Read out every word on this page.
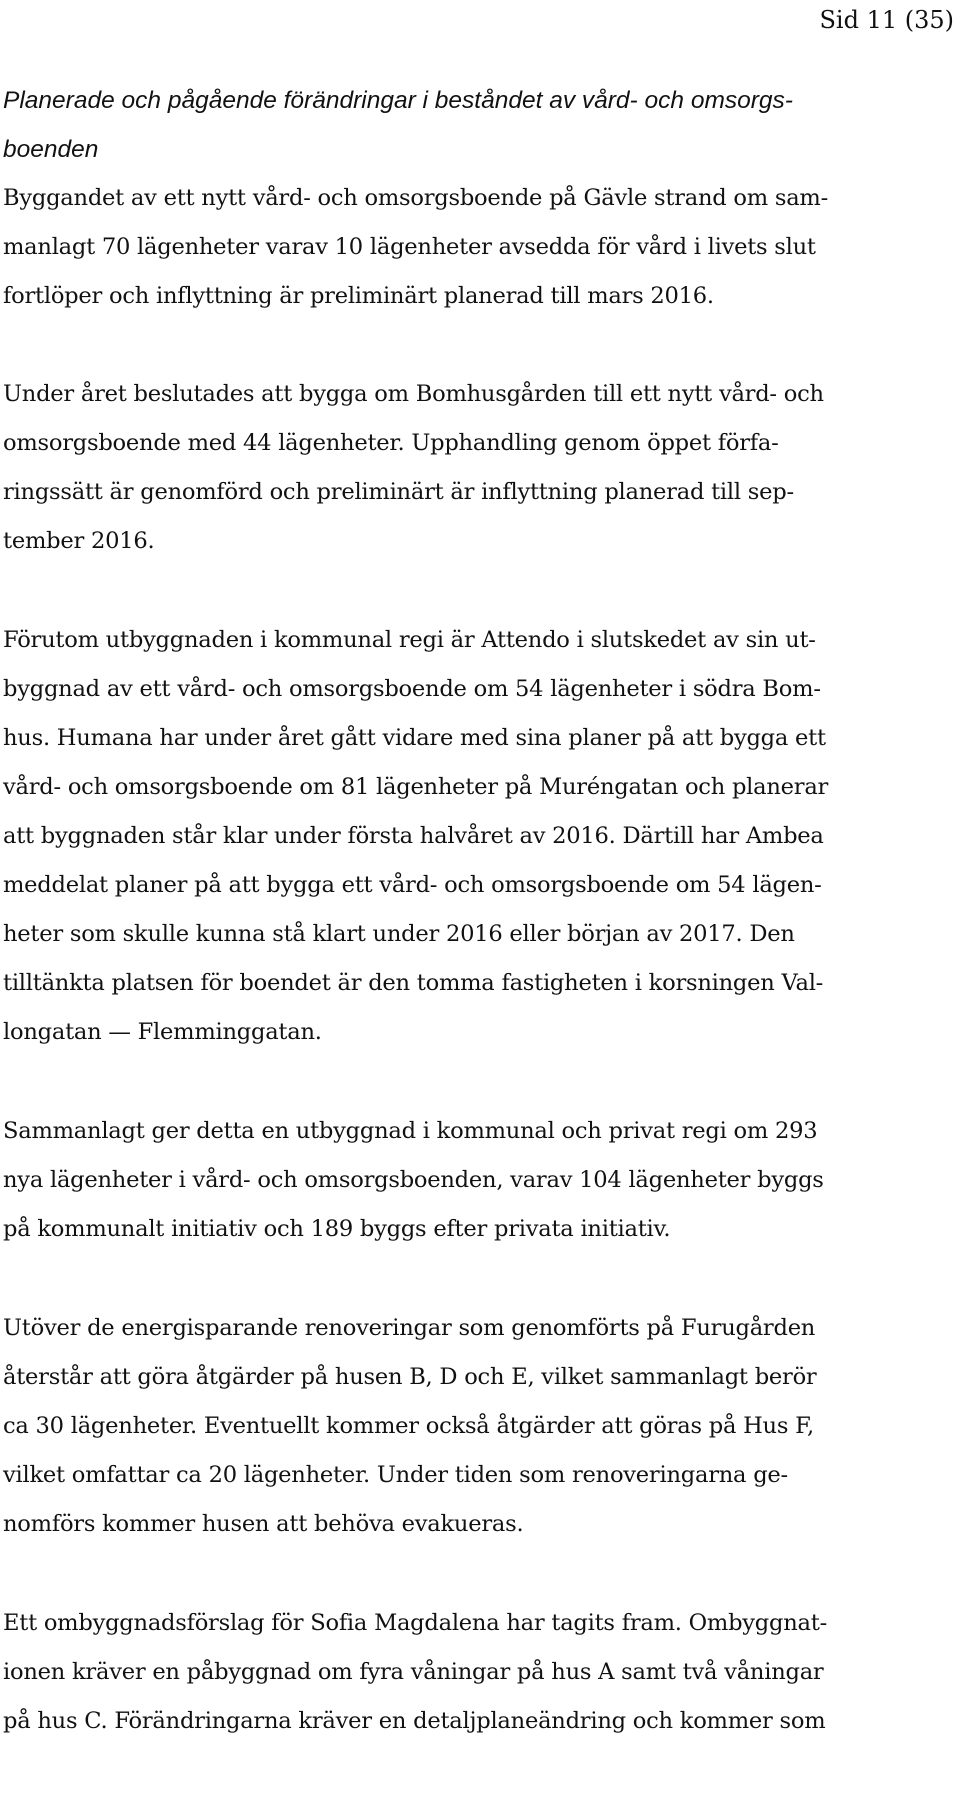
Sid 11 (35)
Planerade och pågående förändringar i beståndet av vård- och omsorgs-
boenden

Byggandet av ett nytt vård- och omsorgsboende på Gävle strand om sam-
manlagt 70 lägenheter varav 10 lägenheter avsedda för vård i livets slut
fortlöper och inflyttning är preliminärt planerad till mars 2016.

Under året beslutades att bygga om Bomhusgården till ett nytt vård- och
omsorgsboende med 44 lägenheter. Upphandling genom öppet förfa-
ringssätt är genomförd och preliminärt är inflyttning planerad till sep-
tember 2016.

Förutom utbyggnaden i kommunal regi är Attendo i slutskedet av sin ut-
byggnad av ett vård- och omsorgsboende om 54 lägenheter i södra Bom-
hus. Humana har under året gått vidare med sina planer på att bygga ett
vård- och omsorgsboende om 81 lägenheter på Muréngatan och planerar
att byggnaden står klar under första halvåret av 2016. Därtill har Ambea
meddelat planer på att bygga ett vård- och omsorgsboende om 54 lägen-
heter som skulle kunna stå klart under 2016 eller början av 2017. Den
tilltänkta platsen för boendet är den tomma fastigheten i korsningen Val-
longatan — Flemminggatan.

Sammanlagt ger detta en utbyggnad i kommunal och privat regi om 293
nya lägenheter i vård- och omsorgsboenden, varav 104 lägenheter byggs
på kommunalt initiativ och 189 byggs efter privata initiativ.

Utöver de energisparande renoveringar som genomförts på Furugården
återstår att göra åtgärder på husen B, D och E, vilket sammanlagt berör
ca 30 lägenheter. Eventuellt kommer också åtgärder att göras på Hus F,
vilket omfattar ca 20 lägenheter. Under tiden som renoveringarna ge-
nomförs kommer husen att behöva evakueras.

Ett ombyggnadsförslag för Sofia Magdalena har tagits fram. Ombyggnat-
ionen kräver en påbyggnad om fyra våningar på hus A samt två våningar
på hus C. Förändringarna kräver en detaljplaneändring och kommer som
